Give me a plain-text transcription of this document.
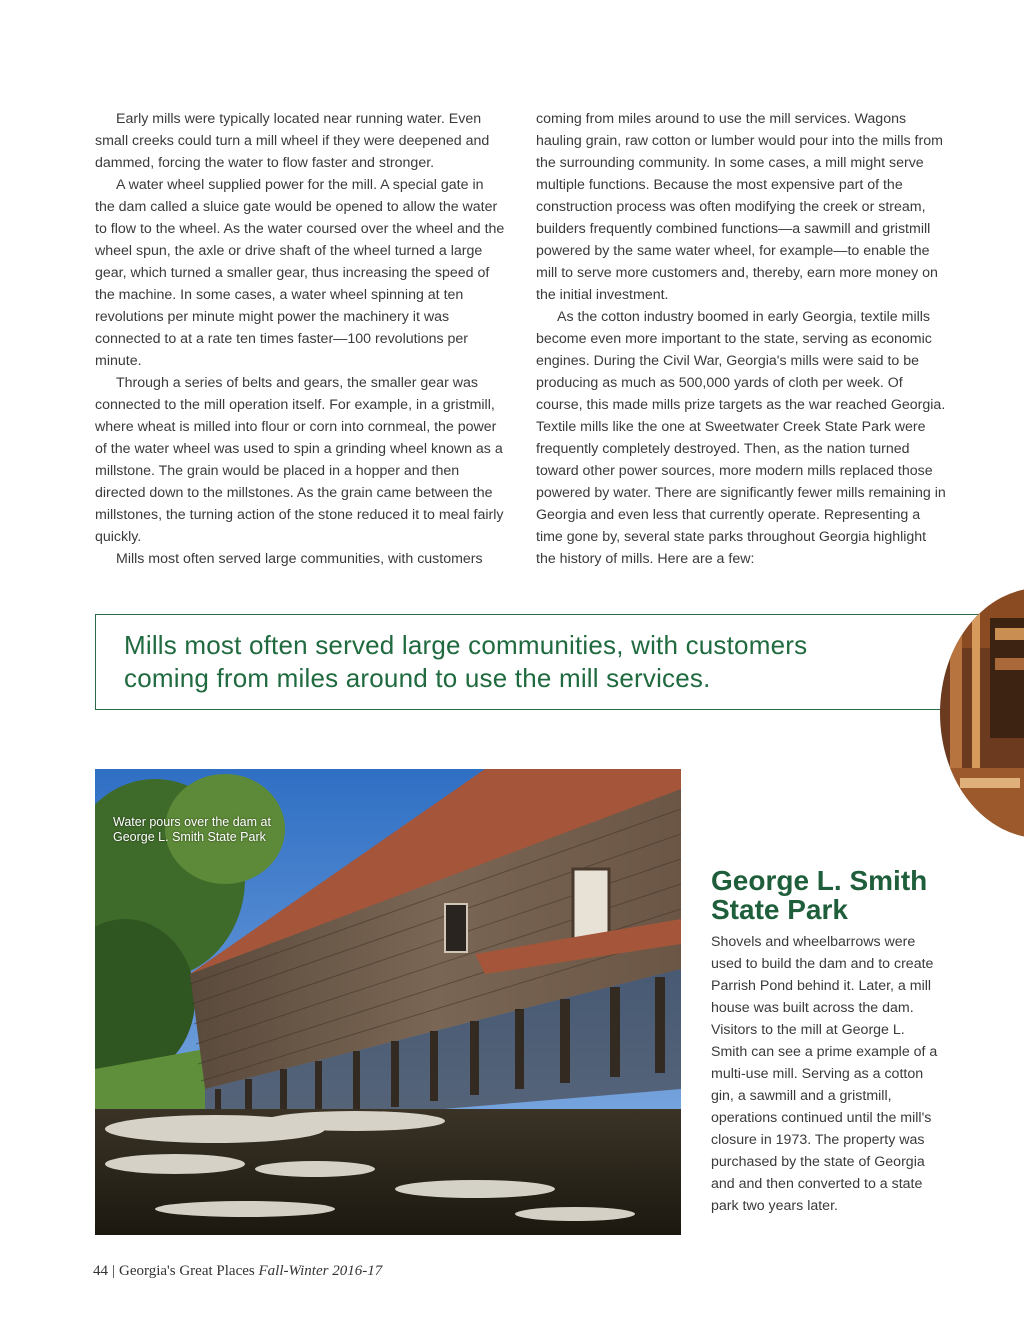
Early mills were typically located near running water. Even small creeks could turn a mill wheel if they were deepened and dammed, forcing the water to flow faster and stronger.

A water wheel supplied power for the mill. A special gate in the dam called a sluice gate would be opened to allow the water to flow to the wheel. As the water coursed over the wheel and the wheel spun, the axle or drive shaft of the wheel turned a large gear, which turned a smaller gear, thus increasing the speed of the machine. In some cases, a water wheel spinning at ten revolutions per minute might power the machinery it was connected to at a rate ten times faster—100 revolutions per minute.

Through a series of belts and gears, the smaller gear was connected to the mill operation itself. For example, in a gristmill, where wheat is milled into flour or corn into cornmeal, the power of the water wheel was used to spin a grinding wheel known as a millstone. The grain would be placed in a hopper and then directed down to the millstones. As the grain came between the millstones, the turning action of the stone reduced it to meal fairly quickly.

Mills most often served large communities, with customers

coming from miles around to use the mill services. Wagons hauling grain, raw cotton or lumber would pour into the mills from the surrounding community. In some cases, a mill might serve multiple functions. Because the most expensive part of the construction process was often modifying the creek or stream, builders frequently combined functions—a sawmill and gristmill powered by the same water wheel, for example—to enable the mill to serve more customers and, thereby, earn more money on the initial investment.

As the cotton industry boomed in early Georgia, textile mills become even more important to the state, serving as economic engines. During the Civil War, Georgia's mills were said to be producing as much as 500,000 yards of cloth per week. Of course, this made mills prize targets as the war reached Georgia. Textile mills like the one at Sweetwater Creek State Park were frequently completely destroyed. Then, as the nation turned toward other power sources, more modern mills replaced those powered by water. There are significantly fewer mills remaining in Georgia and even less that currently operate. Representing a time gone by, several state parks throughout Georgia highlight the history of mills. Here are a few:

Mills most often served large communities, with customers coming from miles around to use the mill services.
Water pours over the dam at George L. Smith State Park
George L. Smith State Park

Shovels and wheelbarrows were used to build the dam and to create Parrish Pond behind it. Later, a mill house was built across the dam. Visitors to the mill at George L. Smith can see a prime example of a multi-use mill. Serving as a cotton gin, a sawmill and a gristmill, operations continued until the mill's closure in 1973. The property was purchased by the state of Georgia and and then converted to a state park two years later.

44 | Georgia's Great Places Fall-Winter 2016-17
